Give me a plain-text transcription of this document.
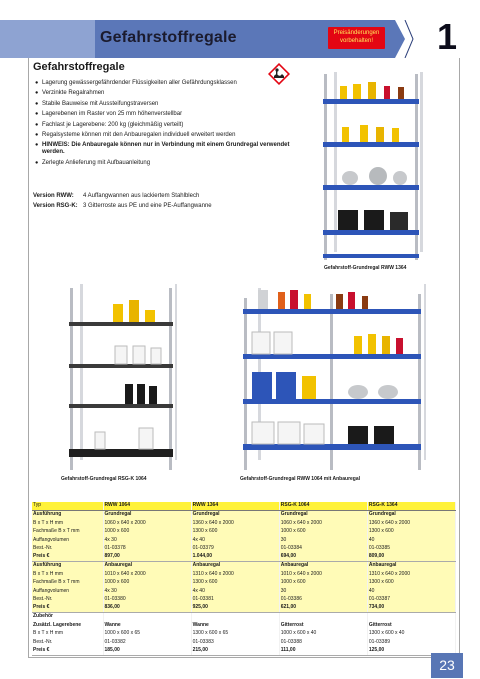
Gefahrstoffregale	Preisänderungen vorbehalten!	1
Gefahrstoffregale
● Lagerung gewässergefährdender Flüssigkeiten aller Gefährdungsklassen
● Verzinkte Regalrahmen
● Stabile Bauweise mit Aussteifungstraversen
● Lagerebenen im Raster von 25 mm höhenverstellbar
● Fachlast je Lagerebene: 200 kg (gleichmäßig verteilt)
● Regalsysteme können mit den Anbauregalen individuell erweitert werden
● HINWEIS: Die Anbauregale können nur in Verbindung mit einem Grundregal verwendet werden.
● Zerlegte Anlieferung mit Aufbauanleitung
Version RWW: 4 Auffangwannen aus lackiertem Stahlblech
Version RSG-K: 3 Gitterroste aus PE und eine PE-Auffangwanne
Gefahrstoff-Grundregal RWW 1364
Gefahrstoff-Grundregal RSG-K 1064	Gefahrstoff-Grundregal RWW 1064 mit Anbauregal
Typ	RWW 1064	RWW 1364	RSG-K 1064	RSG-K 1364
Ausführung	Grundregal	Grundregal	Grundregal	Grundregal
B x T x H mm	1060 x 640 x 2000	1360 x 640 x 2000	1060 x 640 x 2000	1360 x 640 x 2000
Fachmaße B x T mm	1000 x 600	1300 x 600	1000 x 600	1300 x 600
Auffangvolumen	4x 30	4x 40	30	40
Best.-Nr.	01-03378	01-03379	01-03384	01-03385
Preis €	897,00	1.044,00	694,00	809,00
Ausführung	Anbauregal	Anbauregal	Anbauregal	Anbauregal
B x T x H mm	1010 x 640 x 2000	1310 x 640 x 2000	1010 x 640 x 2000	1310 x 640 x 2000
Fachmaße B x T mm	1000 x 600	1300 x 600	1000 x 600	1300 x 600
Auffangvolumen	4x 30	4x 40	30	40
Best.-Nr.	01-03380	01-03381	01-03386	01-03387
Preis €	836,00	925,00	621,00	734,00
Zubehör				
Zusätzl. Lagerebene	Wanne	Wanne	Gitterrost	Gitterrost
B x T x H mm	1000 x 600 x 65	1300 x 600 x 65	1000 x 600 x 40	1300 x 600 x 40
Best.-Nr.	01-03382	01-03383	01-03388	01-03389
Preis €	185,00	215,00	111,00	125,00
23
